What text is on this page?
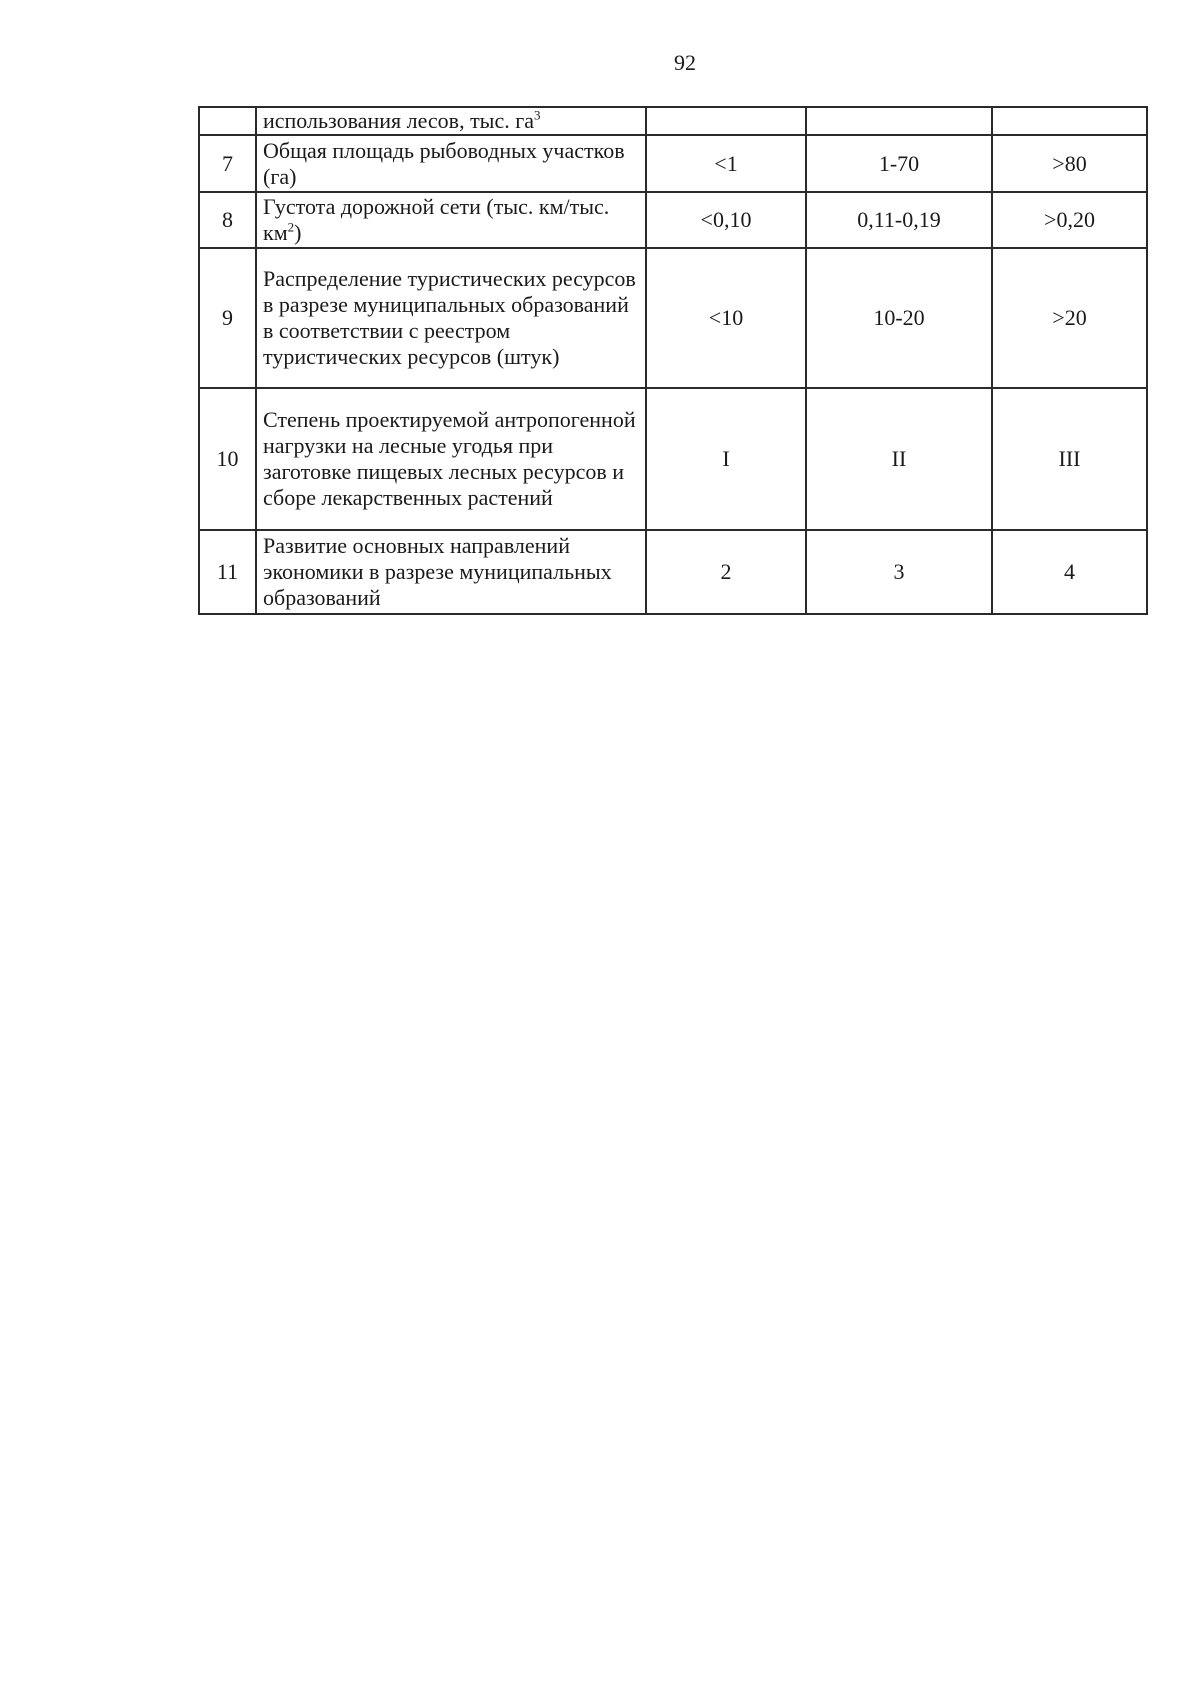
92
	использования лесов, тыс. $га^3$			
7	Общая площадь рыбоводных участков (га)	<1	1-70	>80
8	Густота дорожной сети (тыс. км/тыс. $км^2$)	<0,10	0,11-0,19	>0,20
9	Распределение туристических ресурсов в разрезе муниципальных образований в соответствии с реестром туристических ресурсов (штук)	<10	10-20	>20
10	Степень проектируемой антропогенной нагрузки на лесные угодья при заготовке пищевых лесных ресурсов и сборе лекарственных растений	I	II	III
11	Развитие основных направлений экономики в разрезе муниципальных образований	2	3	4
